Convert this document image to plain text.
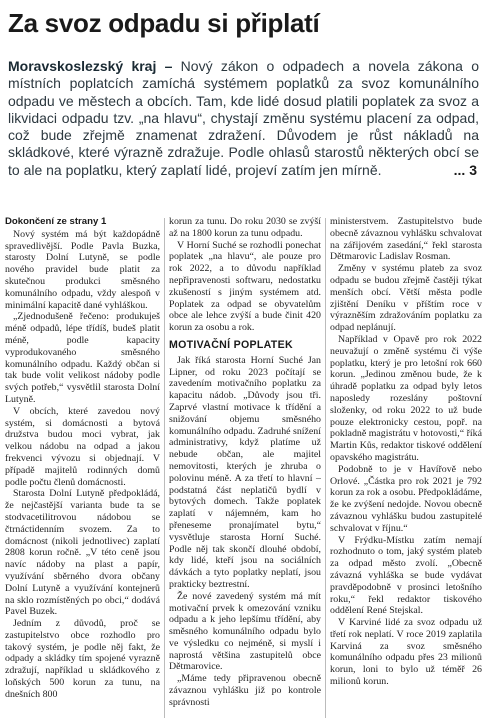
Za svoz odpadu si připlatí

Moravskoslezský kraj – Nový zákon o odpadech a novela zákona o místních poplatcích zamíchá systémem poplatků za svoz komunálního odpadu ve městech a obcích. Tam, kde lidé dosud platili poplatek za svoz a likvidaci odpadu tzv. „na hlavu“, chystají změnu systému placení za odpad, což bude zřejmě znamenat zdražení. Důvodem je růst nákladů na skládkové, které výrazně zdražuje. Podle ohlasů starostů některých obcí se to ale na poplatku, který zaplatí lidé, projeví zatím jen mírně.	... 3

Dokončení ze strany 1

Nový systém má být každopádně spravedlivější. Podle Pavla Buzka, starosty Dolní Lutyně, se podle nového pravidel bude platit za skutečnou produkci směsného komunálního odpadu, vždy alespoň v minimální kapacitě dané vyhláškou.

„Zjednodušeně řečeno: produkuješ méně odpadů, lépe třídíš, budeš platit méně, podle kapacity vyprodukovaného směsného komunálního odpadu. Každý občan si tak bude volit velikost nádoby podle svých potřeb,“ vysvětlil starosta Dolní Lutyně.

V obcích, které zavedou nový systém, si domácnosti a bytová družstva budou moci vybrat, jak velkou nádobu na odpad a jakou frekvenci vývozu si objednají. V případě majitelů rodinných domů podle počtu členů domácnosti.

Starosta Dolní Lutyně předpokládá, že nejčastější varianta bude ta se stodvacetilitrovou nádobou se čtrnáctidenním svozem. Za to domácnost (nikoli jednotlivec) zaplatí 2808 korun ročně. „V této ceně jsou navíc nádoby na plast a papír, využívání sběrného dvora občany Dolní Lutyně a využívání kontejnerů na sklo rozmístěných po obci,“ dodává Pavel Buzek.

Jedním z důvodů, proč se zastupitelstvo obce rozhodlo pro takový systém, je podle něj fakt, že odpady a skládky tím spojené vyrazně zdražují, například u skládkového z loňských 500 korun za tunu, na dnešních 800

korun za tunu. Do roku 2030 se zvýší až na 1800 korun za tunu odpadu.

V Horní Suché se rozhodli ponechat poplatek „na hlavu“, ale pouze pro rok 2022, a to důvodu například nepřipravenosti softwaru, nedostatku zkušeností s jiným systémem atd. Poplatek za odpad se obyvatelům obce ale lehce zvýší a bude činit 420 korun za osobu a rok.

MOTIVAČNÍ POPLATEK

Jak říká starosta Horní Suché Jan Lipner, od roku 2023 počítají se zavedením motivačního poplatku za kapacitu nádob. „Důvody jsou tři. Zaprvé vlastní motivace k třídění a snižování objemu směsného komunálního odpadu. Zadruhé snížení administrativy, když platíme už nebude občan, ale majitel nemovitosti, kterých je zhruba o polovinu méně. A za třetí to hlavní – podstatná část neplatičů bydlí v bytových domech. Takže poplatek zaplatí v nájemném, kam ho přeneseme pronajímatel bytu,“ vysvětluje starosta Horní Suché. Podle něj tak skončí dlouhé období, kdy lidé, kteří jsou na sociálních dávkách a tyto poplatky neplatí, jsou prakticky beztrestní.

Že nové zavedený systém má mít motivační prvek k omezování vzniku odpadu a k jeho lepšímu třídění, aby směsného komunálního odpadu bylo ve výsledku co nejméně, si myslí i naprostá většina zastupitelů obce Dětmarovice.

„Máme tedy připravenou obecně závaznou vyhlášku již po kontrole správnosti

ministerstvem. Zastupitelstvo bude obecně závaznou vyhlášku schvalovat na zářijovém zasedání,“ řekl starosta Dětmarovic Ladislav Rosman.

Změny v systému plateb za svoz odpadu se budou zřejmě častěji týkat menších obcí. Větší města podle zjištění Deníku v příštím roce v výrazněším zdražováním poplatku za odpad neplánují.

Například v Opavě pro rok 2022 neuvažují o změně systému či výše poplatku, který je pro letošní rok 660 korun. „Jedinou změnou bude, že k úhradě poplatku za odpad byly letos naposledy rozeslány poštovní složenky, od roku 2022 to už bude pouze elektronicky cestou, popř. na pokladně magistrátu v hotovosti,“ říká Martin Kůs, redaktor tiskové oddělení opavského magistrátu.

Podobně to je v Havířově nebo Orlové. „Částka pro rok 2021 je 792 korun za rok a osobu. Předpokládáme, že ke zvýšení nedojde. Novou obecně závaznou vyhlášku budou zastupitelé schvalovat v říjnu.“

V Frýdku-Místku zatím nemají rozhodnuto o tom, jaký systém plateb za odpad město zvolí. „Obecně závazná vyhláška se bude vydávat pravděpodobně v prosinci letošního roku,“ řekl redaktor tiskového oddělení René Stejskal.

V Karviné lidé za svoz odpadu už třetí rok neplatí. V roce 2019 zaplatila Karviná za svoz směsného komunálního odpadu přes 23 milionů korun, loni to bylo už téměř 26 milionů korun.
